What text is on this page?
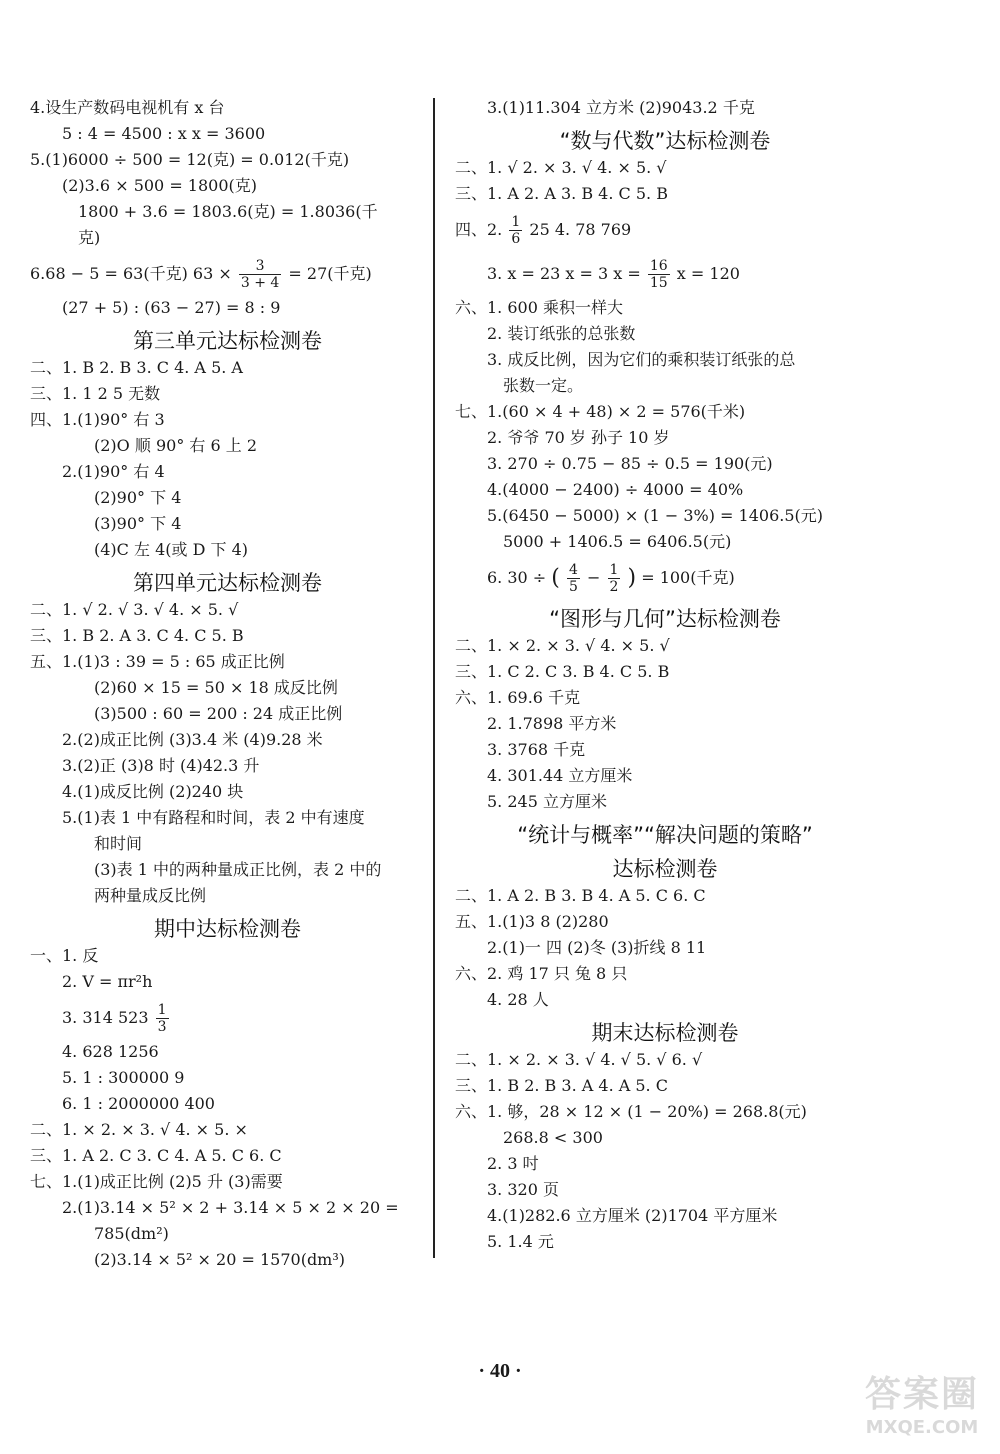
4.设生产数码电视机有 x 台
5 : 4 = 4500 : x x = 3600
5.(1)6000 ÷ 500 = 12(克) = 0.012(千克)
(2)3.6 × 500 = 1800(克)
1800 + 3.6 = 1803.6(克) = 1.8036(千
克)
6.68 − 5 = 63(千克) $63 \times \frac{3}{3 + 4} = 27$(千克)
(27 + 5) : (63 − 27) = 8 : 9
第三单元达标检测卷
二、1. B 2. B 3. C 4. A 5. A
三、1. 1 2 5 无数
四、1.(1)90° 右 3
(2)O 顺 90° 右 6 上 2
2.(1)90° 右 4
(2)90° 下 4
(3)90° 下 4
(4)C 左 4(或 D 下 4)
第四单元达标检测卷
二、1. √ 2. √ 3. √ 4. × 5. √
三、1. B 2. A 3. C 4. C 5. B
五、1.(1)3 : 39 = 5 : 65 成正比例
(2)60 × 15 = 50 × 18 成反比例
(3)500 : 60 = 200 : 24 成正比例
2.(2)成正比例 (3)3.4 米 (4)9.28 米
3.(2)正 (3)8 时 (4)42.3 升
4.(1)成反比例 (2)240 块
5.(1)表 1 中有路程和时间，表 2 中有速度
和时间
(3)表 1 中的两种量成正比例，表 2 中的
两种量成反比例
期中达标检测卷
一、1. 反
2. V = πr²h
3. 314 $523 \frac{1}{3}$
4. 628 1256
5. 1 : 300000 9
6. 1 : 2000000 400
二、1. × 2. × 3. √ 4. × 5. ×
三、1. A 2. C 3. C 4. A 5. C 6. C
七、1.(1)成正比例 (2)5 升 (3)需要
2.(1)3.14 × 5² × 2 + 3.14 × 5 × 2 × 20 =
785(dm²)
(2)3.14 × 5² × 20 = 1570(dm³)
3.(1)11.304 立方米 (2)9043.2 千克
“数与代数”达标检测卷
二、1. √ 2. × 3. √ 4. × 5. √
三、1. A 2. A 3. B 4. C 5. B
四、2. $\frac{1}{6} 25$ 4. 78 769
3. x = 23 x = 3 $x = \frac{16}{15}$ x = 120
六、1. 600 乘积一样大
2. 装订纸张的总张数
3. 成反比例，因为它们的乘积装订纸张的总
张数一定。
七、1.(60 × 4 + 48) × 2 = 576(千米)
2. 爷爷 70 岁 孙子 10 岁
3. 270 ÷ 0.75 − 85 ÷ 0.5 = 190(元)
4.(4000 − 2400) ÷ 4000 = 40%
5.(6450 − 5000) × (1 − 3%) = 1406.5(元)
5000 + 1406.5 = 6406.5(元)
6. 30 ÷ ( $\frac{4}{5} - \frac{1}{2}$ ) = 100(千克)
“图形与几何”达标检测卷
二、1. × 2. × 3. √ 4. × 5. √
三、1. C 2. C 3. B 4. C 5. B
六、1. 69.6 千克
2. 1.7898 平方米
3. 3768 千克
4. 301.44 立方厘米
5. 245 立方厘米
“统计与概率”“解决问题的策略”
达标检测卷
二、1. A 2. B 3. B 4. A 5. C 6. C
五、1.(1)3 8 (2)280
2.(1)一 四 (2)冬 (3)折线 8 11
六、2. 鸡 17 只 兔 8 只
4. 28 人
期末达标检测卷
二、1. × 2. × 3. √ 4. √ 5. √ 6. √
三、1. B 2. B 3. A 4. A 5. C
六、1. 够，28 × 12 × (1 − 20%) = 268.8(元)
268.8 < 300
2. 3 吋
3. 320 页
4.(1)282.6 立方厘米 (2)1704 平方厘米
5. 1.4 元
· 40 ·
答案圈
MXQE.COM
